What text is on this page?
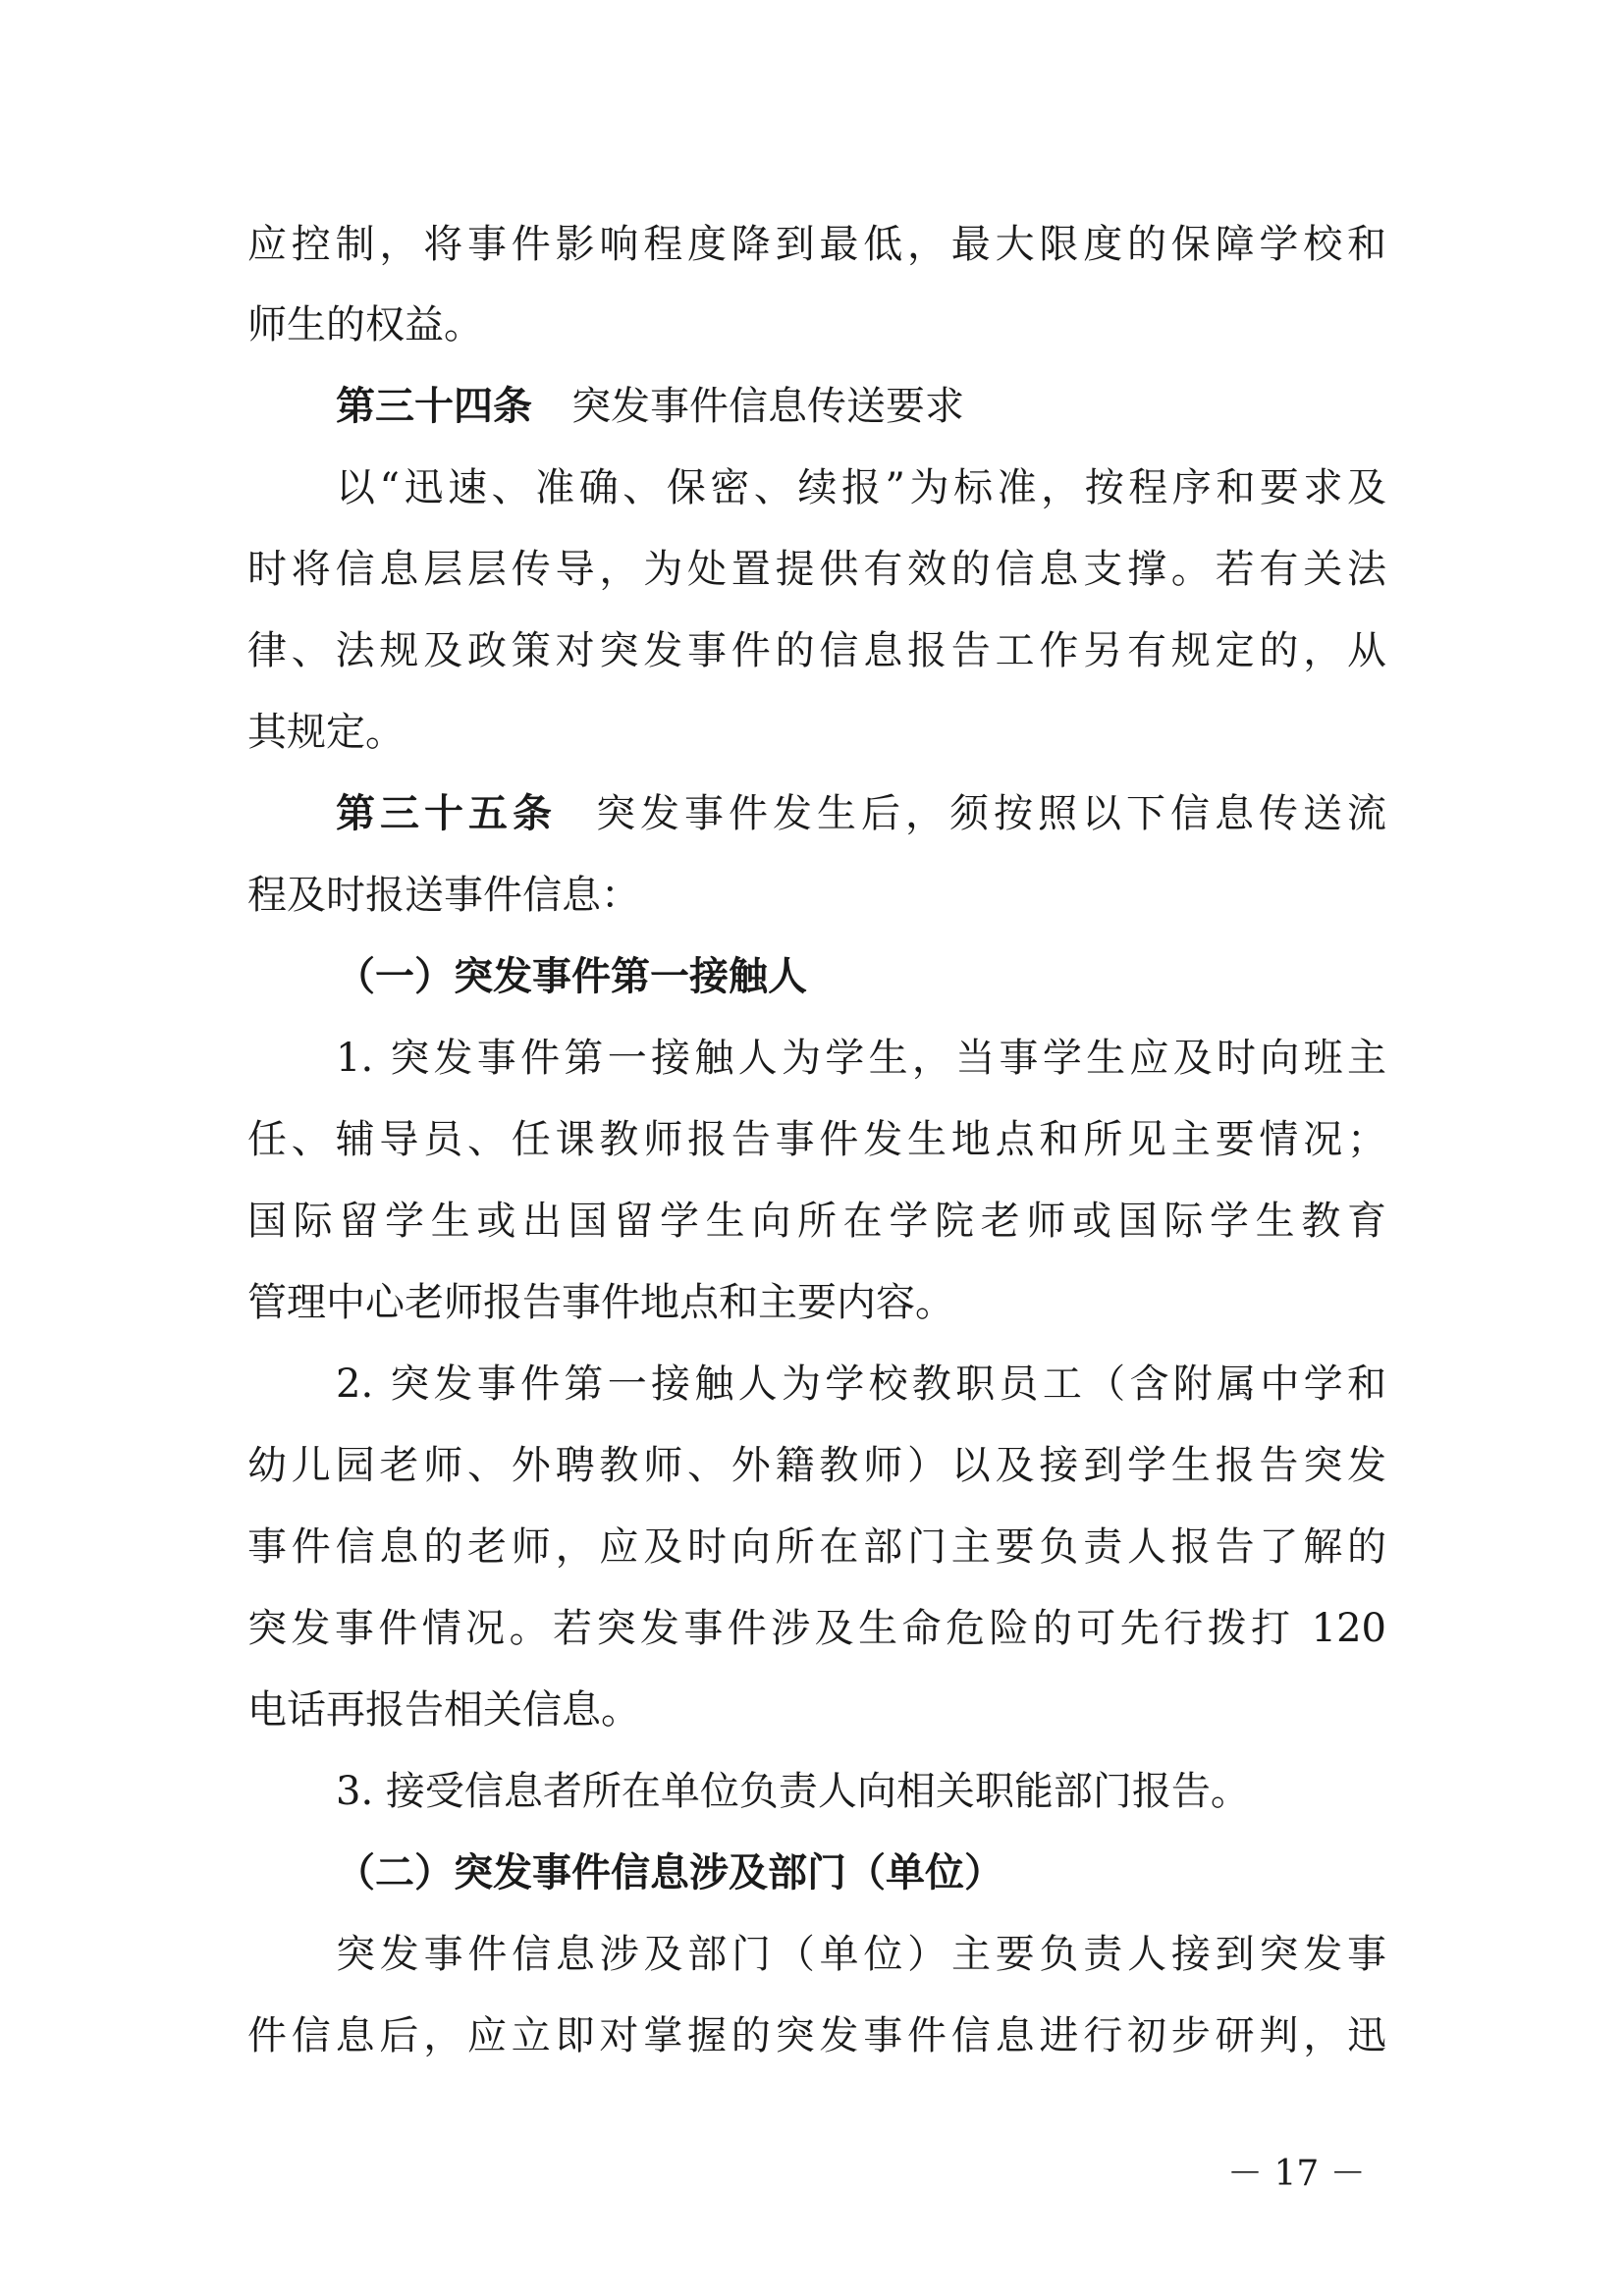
应控制，将事件影响程度降到最低，最大限度的保障学校和
师生的权益。
第三十四条 突发事件信息传送要求
以“迅速、准确、保密、续报”为标准，按程序和要求及
时将信息层层传导，为处置提供有效的信息支撑。若有关法
律、法规及政策对突发事件的信息报告工作另有规定的，从
其规定。
第三十五条 突发事件发生后，须按照以下信息传送流
程及时报送事件信息：
（一）突发事件第一接触人
1. 突发事件第一接触人为学生，当事学生应及时向班主
任、辅导员、任课教师报告事件发生地点和所见主要情况；
国际留学生或出国留学生向所在学院老师或国际学生教育
管理中心老师报告事件地点和主要内容。
2. 突发事件第一接触人为学校教职员工（含附属中学和
幼儿园老师、外聘教师、外籍教师）以及接到学生报告突发
事件信息的老师，应及时向所在部门主要负责人报告了解的
突发事件情况。若突发事件涉及生命危险的可先行拨打 120
电话再报告相关信息。
3. 接受信息者所在单位负责人向相关职能部门报告。
（二）突发事件信息涉及部门（单位）
突发事件信息涉及部门（单位）主要负责人接到突发事
件信息后，应立即对掌握的突发事件信息进行初步研判，迅
－ 17 －
